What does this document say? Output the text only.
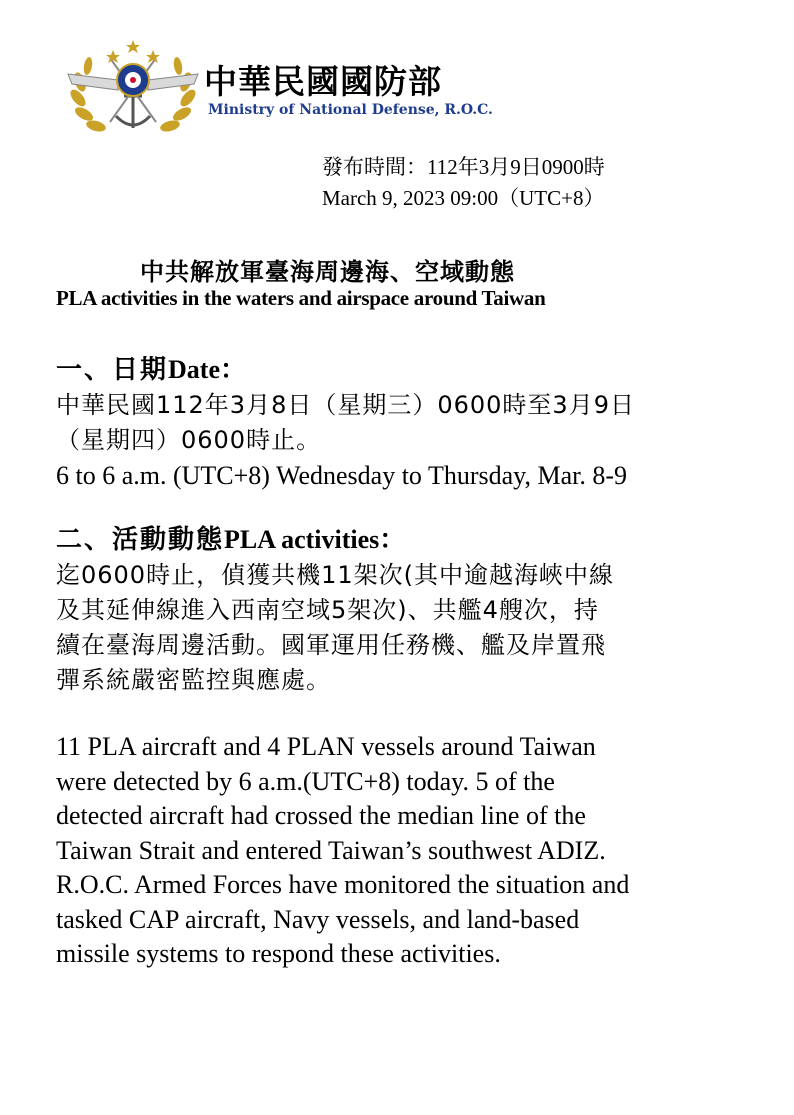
中華民國國防部
Ministry of National Defense, R.O.C.
發布時間：112年3月9日0900時
March 9, 2023 09:00（UTC+8）
中共解放軍臺海周邊海、空域動態
PLA activities in the waters and airspace around Taiwan
一、日期Date：
中華民國112年3月8日（星期三）0600時至3月9日
（星期四）0600時止。
6 to 6 a.m. (UTC+8) Wednesday to Thursday, Mar. 8-9
二、活動動態PLA activities：
迄0600時止，偵獲共機11架次(其中逾越海峽中線
及其延伸線進入西南空域5架次)、共艦4艘次，持
續在臺海周邊活動。國軍運用任務機、艦及岸置飛
彈系統嚴密監控與應處。
11 PLA aircraft and 4 PLAN vessels around Taiwan
were detected by 6 a.m.(UTC+8) today. 5 of the
detected aircraft had crossed the median line of the
Taiwan Strait and entered Taiwan’s southwest ADIZ.
R.O.C. Armed Forces have monitored the situation and
tasked CAP aircraft, Navy vessels, and land-based
missile systems to respond these activities.
